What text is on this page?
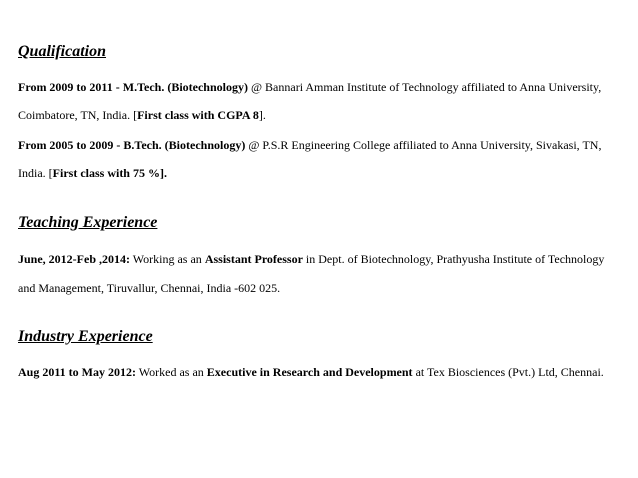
Qualification

From 2009 to 2011 - M.Tech. (Biotechnology) @ Bannari Amman Institute of Technology affiliated to Anna University,

Coimbatore, TN, India. [First class with CGPA 8].

From 2005 to 2009 - B.Tech. (Biotechnology) @ P.S.R Engineering College affiliated to Anna University, Sivakasi, TN,

India. [First class with 75 %].

Teaching Experience

June, 2012-Feb ,2014: Working as an Assistant Professor in Dept. of Biotechnology, Prathyusha Institute of Technology

and Management, Tiruvallur, Chennai, India -602 025.

Industry Experience

Aug 2011 to May 2012: Worked as an Executive in Research and Development at Tex Biosciences (Pvt.) Ltd, Chennai.
